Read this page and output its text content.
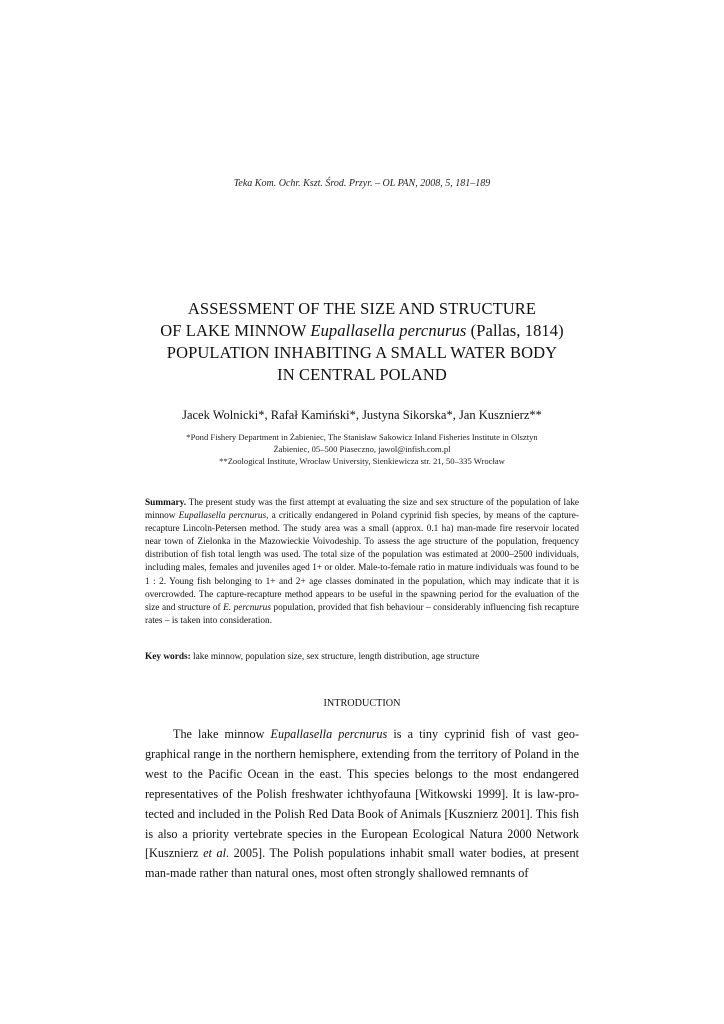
Teka Kom. Ochr. Kszt. Środ. Przyr. – OL PAN, 2008, 5, 181–189
ASSESSMENT OF THE SIZE AND STRUCTURE
OF LAKE MINNOW Eupallasella percnurus (Pallas, 1814)
POPULATION INHABITING A SMALL WATER BODY
IN CENTRAL POLAND
Jacek Wolnicki*, Rafał Kamiński*, Justyna Sikorska*, Jan Kusznierz**
*Pond Fishery Department in Żabieniec, The Stanisław Sakowicz Inland Fisheries Institute in Olsztyn
Żabieniec, 05–500 Piaseczno, jawol@infish.com.pl
**Zoological Institute, Wrocław University, Sienkiewicza str. 21, 50–335 Wrocław
Summary. The present study was the first attempt at evaluating the size and sex structure of the population of lake minnow Eupallasella percnurus, a critically endangered in Poland cyprinid fish species, by means of the capture-recapture Lincoln-Petersen method. The study area was a small (approx. 0.1 ha) man-made fire reservoir located near town of Zielonka in the Mazowieckie Voivodeship. To assess the age structure of the population, frequency distribution of fish total length was used. The total size of the population was estimated at 2000–2500 individuals, including males, females and juveniles aged 1+ or older. Male-to-female ratio in mature individuals was found to be 1 : 2. Young fish belonging to 1+ and 2+ age classes dominated in the population, which may indicate that it is overcrowded. The capture-recapture method appears to be useful in the spawning period for the evaluation of the size and structure of E. percnurus population, provided that fish behaviour – considerably influencing fish recapture rates – is taken into consideration.
Key words: lake minnow, population size, sex structure, length distribution, age structure
INTRODUCTION
The lake minnow Eupallasella percnurus is a tiny cyprinid fish of vast geographical range in the northern hemisphere, extending from the territory of Poland in the west to the Pacific Ocean in the east. This species belongs to the most endangered representatives of the Polish freshwater ichthyofauna [Witkowski 1999]. It is law-protected and included in the Polish Red Data Book of Animals [Kusznierz 2001]. This fish is also a priority vertebrate species in the European Ecological Natura 2000 Network [Kusznierz et al. 2005]. The Polish populations inhabit small water bodies, at present man-made rather than natural ones, most often strongly shallowed remnants of
